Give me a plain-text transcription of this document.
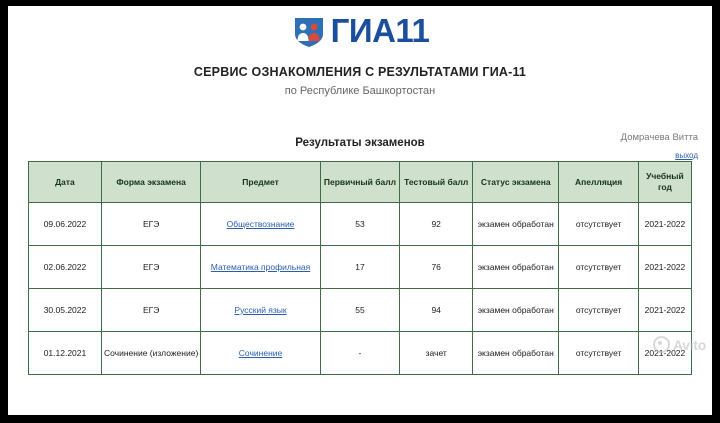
ГИА11
СЕРВИС ОЗНАКОМЛЕНИЯ С РЕЗУЛЬТАТАМИ ГИА-11
по Республике Башкортостан
Домрачева Витта
выход
Результаты экзаменов
Дата	Форма экзамена	Предмет	Первичный балл	Тестовый балл	Статус экзамена	Апелляция	Учебный год
09.06.2022	ЕГЭ	Обществознание	53	92	экзамен обработан	отсутствует	2021-2022
02.06.2022	ЕГЭ	Математика профильная	17	76	экзамен обработан	отсутствует	2021-2022
30.05.2022	ЕГЭ	Русский язык	55	94	экзамен обработан	отсутствует	2021-2022
01.12.2021	Сочинение (изложение)	Сочинение	-	зачет	экзамен обработан	отсутствует	2021-2022
Avito
